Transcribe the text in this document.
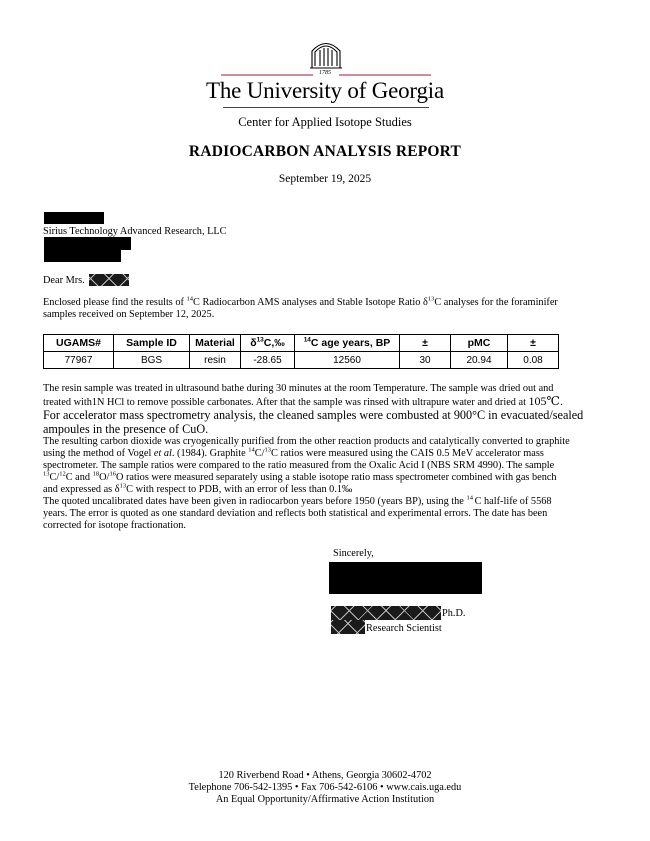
1785
The University of Georgia
Center for Applied Isotope Studies
RADIOCARBON ANALYSIS REPORT
September 19, 2025
Sirius Technology Advanced Research, LLC
Dear Mrs.
Enclosed please find the results of $^{14}$C Radiocarbon AMS analyses and Stable Isotope Ratio $\delta^{13}C$ analyses for the foraminifer
samples received on September 12, 2025.
UGAMS#	Sample ID	Material	$\delta^{13}C,‰$	$^{14}$C age years, BP	±	pMC	±
77967	BGS	resin	-28.65	12560	30	20.94	0.08
The resin sample was treated in ultrasound bathe during 30 minutes at the room Temperature. The sample was dried out and
treated with1N HCl to remove possible carbonates. After that the sample was rinsed with ultrapure water and dried at 105℃.
For accelerator mass spectrometry analysis, the cleaned samples were combusted at 900°C in evacuated/sealed
ampoules in the presence of CuO.
The resulting carbon dioxide was cryogenically purified from the other reaction products and catalytically converted to graphite
using the method of Vogel et al. (1984). Graphite $^{14}$C/$^{13}$C ratios were measured using the CAIS 0.5 MeV accelerator mass
spectrometer. The sample ratios were compared to the ratio measured from the Oxalic Acid I (NBS SRM 4990). The sample
$^{13}$C/$^{12}$C and $^{18}$O/$^{16}$O ratios were measured separately using a stable isotope ratio mass spectrometer combined with gas bench
and expressed as $\delta^{13}C$ with respect to PDB, with an error of less than 0.1‰
The quoted uncalibrated dates have been given in radiocarbon years before 1950 (years BP), using the $^{14}$ C half-life of 5568
years. The error is quoted as one standard deviation and reflects both statistical and experimental errors. The date has been
corrected for isotope fractionation.
Sincerely,
Ph.D.
Research Scientist
120 Riverbend Road • Athens, Georgia 30602-4702
Telephone 706-542-1395 • Fax 706-542-6106 • www.cais.uga.edu
An Equal Opportunity/Affirmative Action Institution
